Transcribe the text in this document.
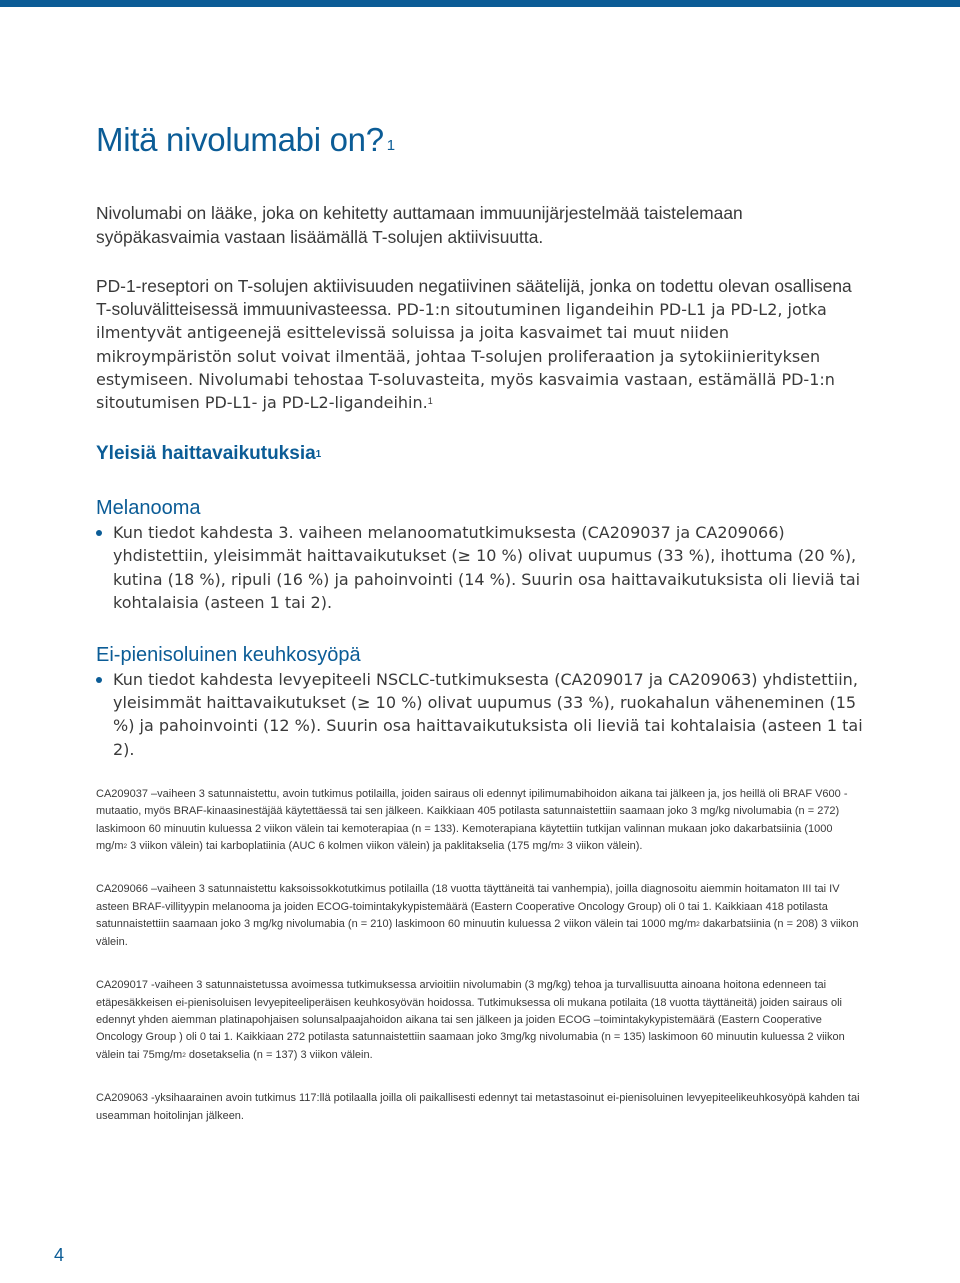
Mitä nivolumabi on? $^1$

Nivolumabi on lääke, joka on kehitetty auttamaan immuunijärjestelmää taistelemaan syöpäkasvaimia vastaan lisäämällä T-solujen aktiivisuutta.

PD-1-reseptori on T-solujen aktiivisuuden negatiivinen säätelijä, jonka on todettu olevan osallisena T-soluvälitteisessä immuunivasteessa. PD-1:n sitoutuminen ligandeihin PD-L1 ja PD-L2, jotka ilmentyvät antigeenejä esittelevissä soluissa ja joita kasvaimet tai muut niiden mikroympäristön solut voivat ilmentää, johtaa T-solujen proliferaation ja sytokiinierityksen estymiseen. Nivolumabi tehostaa T-soluvasteita, myös kasvaimia vastaan, estämällä PD-1:n sitoutumisen PD-L1- ja PD-L2-ligandeihin.$^1$

Yleisiä haittavaikutuksia$^1$
Melanooma
Kun tiedot kahdesta 3. vaiheen melanoomatutkimuksesta (CA209037 ja CA209066) yhdistettiin, yleisimmät haittavaikutukset (≥ 10 %) olivat uupumus (33 %), ihottuma (20 %), kutina (18 %), ripuli (16 %) ja pahoinvointi (14 %). Suurin osa haittavaikutuksista oli lieviä tai kohtalaisia (asteen 1 tai 2).
Ei-pienisoluinen keuhkosyöpä
Kun tiedot kahdesta levyepiteeli NSCLC-tutkimuksesta (CA209017 ja CA209063) yhdistettiin, yleisimmät haittavaikutukset (≥ 10 %) olivat uupumus (33 %), ruokahalun väheneminen (15 %) ja pahoinvointi (12 %). Suurin osa haittavaikutuksista oli lieviä tai kohtalaisia (asteen 1 tai 2).

CA209037 –vaiheen 3 satunnaistettu, avoin tutkimus potilailla, joiden sairaus oli edennyt ipilimumabihoidon aikana tai jälkeen ja, jos heillä oli BRAF V600 -mutaatio, myös BRAF-kinaasinestäjää käytettäessä tai sen jälkeen. Kaikkiaan 405 potilasta satunnaistettiin saamaan joko 3 mg/kg nivolumabia (n = 272) laskimoon 60 minuutin kuluessa 2 viikon välein tai kemoterapiaa (n = 133). Kemoterapiana käytettiin tutkijan valinnan mukaan joko dakarbatsiinia (1000 $mg/m^2$ 3 viikon välein) tai karboplatiinia (AUC 6 kolmen viikon välein) ja paklitakselia (175 $mg/m^2$ 3 viikon välein).

CA209066 –vaiheen 3 satunnaistettu kaksoissokkotutkimus potilailla (18 vuotta täyttäneitä tai vanhempia), joilla diagnosoitu aiemmin hoitamaton III tai IV asteen BRAF-villityypin melanooma ja joiden ECOG-toimintakykypistemäärä (Eastern Cooperative Oncology Group) oli 0 tai 1. Kaikkiaan 418 potilasta satunnaistettiin saamaan joko 3 mg/kg nivolumabia (n = 210) laskimoon 60 minuutin kuluessa 2 viikon välein tai 1000 $mg/m^2$ dakarbatsiinia (n = 208) 3 viikon välein.

CA209017 -vaiheen 3 satunnaistetussa avoimessa tutkimuksessa arvioitiin nivolumabin (3 mg/kg) tehoa ja turvallisuutta ainoana hoitona edenneen tai etäpesäkkeisen ei-pienisoluisen levyepiteeliperäisen keuhkosyövän hoidossa. Tutkimuksessa oli mukana potilaita (18 vuotta täyttäneitä) joiden sairaus oli edennyt yhden aiemman platinapohjaisen solunsalpaajahoidon aikana tai sen jälkeen ja joiden ECOG –toimintakykypistemäärä (Eastern Cooperative Oncology Group ) oli 0 tai 1. Kaikkiaan 272 potilasta satunnaistettiin saamaan joko 3mg/kg nivolumabia (n = 135) laskimoon 60 minuutin kuluessa 2 viikon välein tai $75mg/m^2$ dosetakselia (n = 137) 3 viikon välein.

CA209063 -yksihaarainen avoin tutkimus 117:llä potilaalla joilla oli paikallisesti edennyt tai metastasoinut ei-pienisoluinen levyepiteelikeuhkosyöpä kahden tai useamman hoitolinjan jälkeen.

4
